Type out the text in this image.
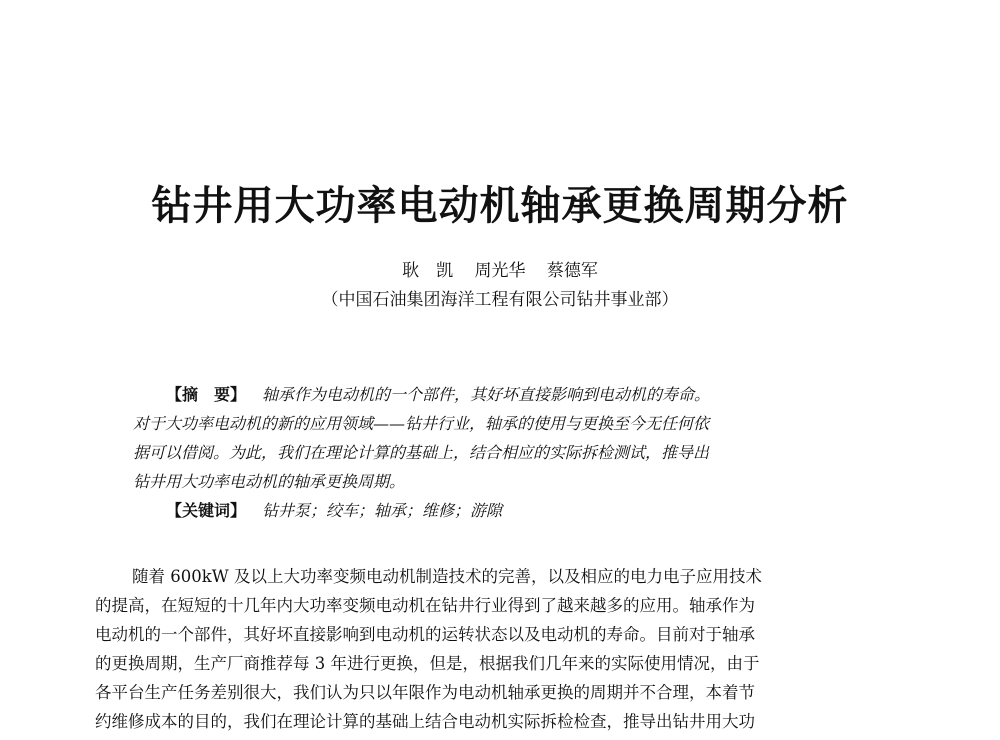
钻井用大功率电动机轴承更换周期分析
耿　凯 周光华 蔡德军
（中国石油集团海洋工程有限公司钻井事业部）
【摘　要】 轴承作为电动机的一个部件，其好坏直接影响到电动机的寿命。
对于大功率电动机的新的应用领域——钻井行业，轴承的使用与更换至今无任何依
据可以借阅。为此，我们在理论计算的基础上，结合相应的实际拆检测试，推导出
钻井用大功率电动机的轴承更换周期。
【关键词】 钻井泵；绞车；轴承；维修；游隙
随着 600kW 及以上大功率变频电动机制造技术的完善，以及相应的电力电子应用技术
的提高，在短短的十几年内大功率变频电动机在钻井行业得到了越来越多的应用。轴承作为
电动机的一个部件，其好坏直接影响到电动机的运转状态以及电动机的寿命。目前对于轴承
的更换周期，生产厂商推荐每 3 年进行更换，但是，根据我们几年来的实际使用情况，由于
各平台生产任务差别很大，我们认为只以年限作为电动机轴承更换的周期并不合理，本着节
约维修成本的目的，我们在理论计算的基础上结合电动机实际拆检检查，推导出钻井用大功
